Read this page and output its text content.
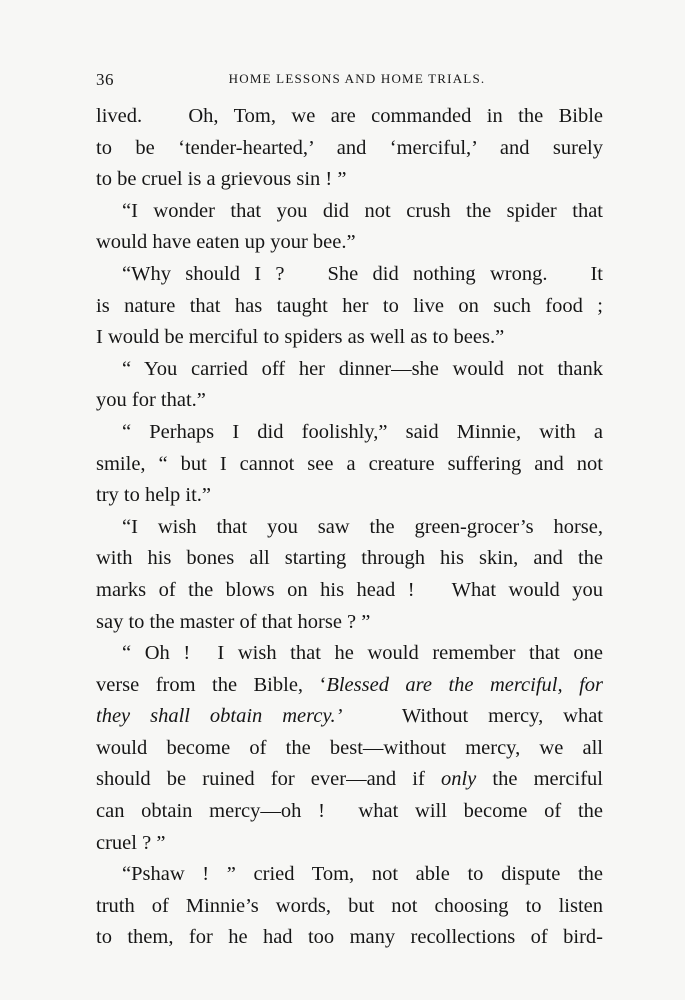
36	HOME LESSONS AND HOME TRIALS.
lived.   Oh, Tom, we are commanded in the Bible
to be ‘tender-hearted,’ and ‘merciful,’ and surely
to be cruel is a grievous sin ! ”
“I wonder that you did not crush the spider that
would have eaten up your bee.”
“Why should I ?   She did nothing wrong.   It
is nature that has taught her to live on such food ;
I would be merciful to spiders as well as to bees.”
“ You carried off her dinner—she would not thank
you for that.”
“ Perhaps I did foolishly,” said Minnie, with a
smile, “ but I cannot see a creature suffering and not
try to help it.”
“I wish that you saw the green-grocer’s horse,
with his bones all starting through his skin, and the
marks of the blows on his head !   What would you
say to the master of that horse ? ”
“ Oh !  I wish that he would remember that one
verse from the Bible, ‘Blessed are the merciful, for
they shall obtain mercy.’   Without mercy, what
would become of the best—without mercy, we all
should be ruined for ever—and if only the merciful
can obtain mercy—oh !  what will become of the
cruel ? ”
“Pshaw ! ” cried Tom, not able to dispute the
truth of Minnie’s words, but not choosing to listen
to them, for he had too many recollections of bird-
